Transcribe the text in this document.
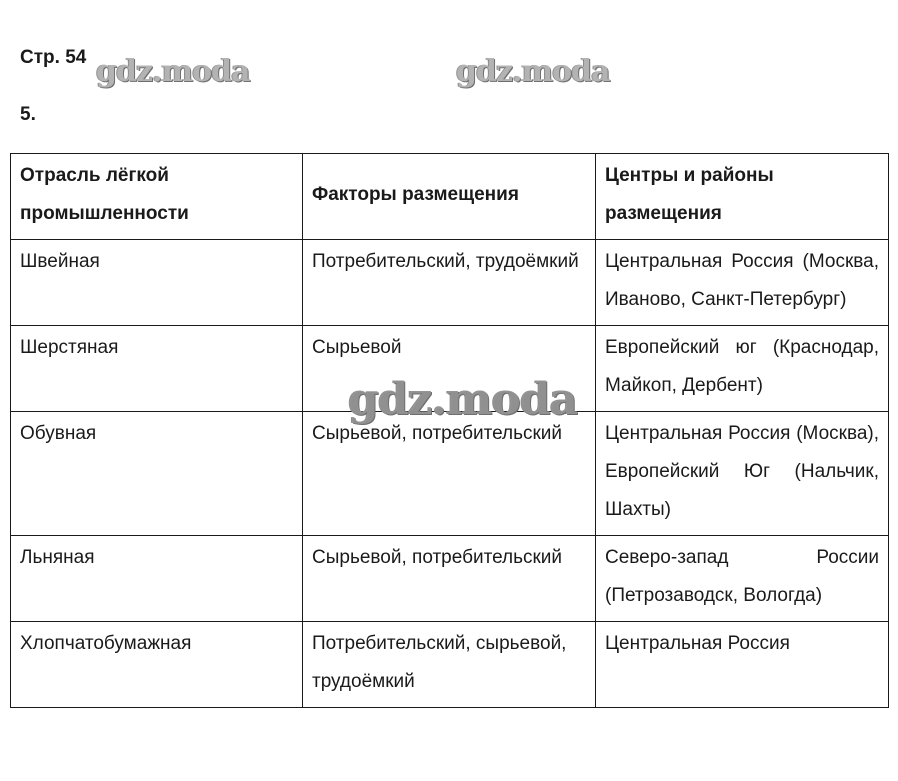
Стр. 54
5.
gdz.moda	gdz.moda
Отрасль лёгкой промышленности	Факторы размещения	Центры и районы размещения
Швейная	Потребительский, трудоёмкий	Центральная Россия (Москва, Иваново, Санкт-Петербург)
Шерстяная	Сырьевой	Европейский юг (Краснодар, Майкоп, Дербент)
Обувная	Сырьевой, потребительский	Центральная Россия (Москва), Европейский Юг (Нальчик, Шахты)
Льняная	Сырьевой, потребительский	Северо-запад России (Петрозаводск, Вологда)
Хлопчатобумажная	Потребительский, сырьевой, трудоёмкий	Центральная Россия
gdz.moda
